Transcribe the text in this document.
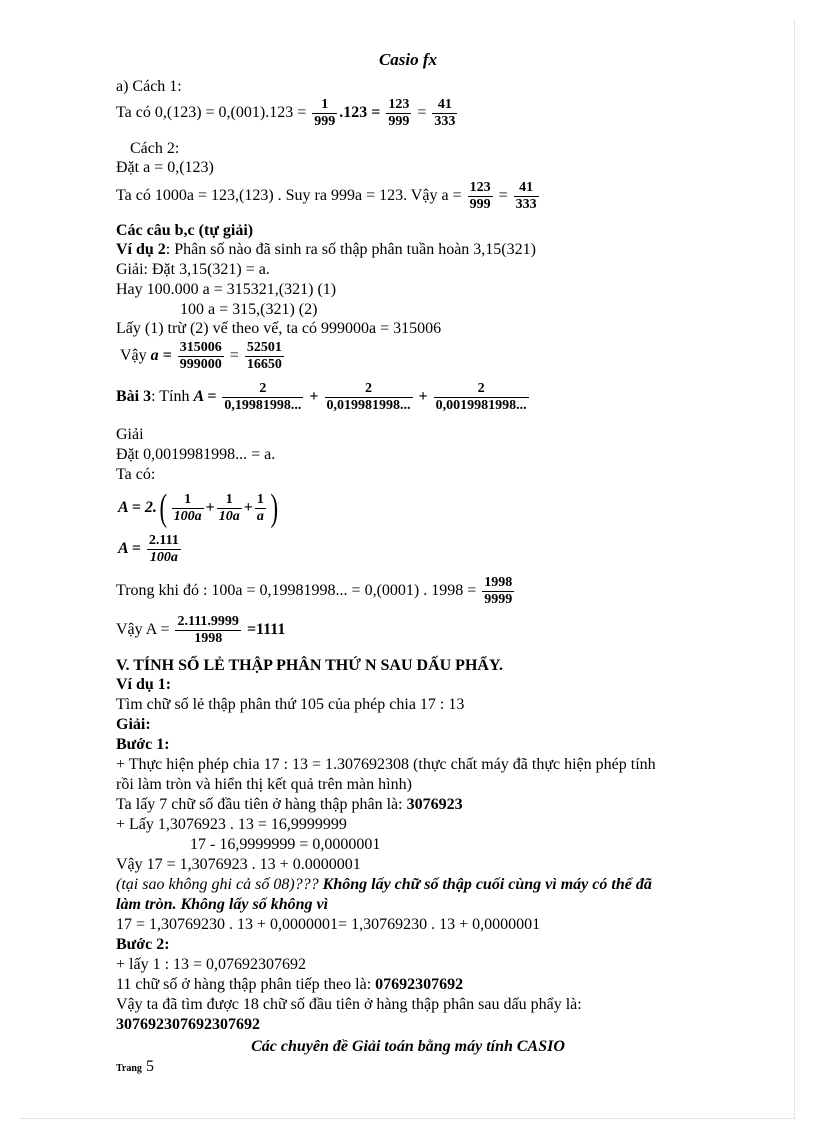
Casio fx
a) Cách 1:
Ta có $0,(123) = 0,(001).123 = \frac{1}{999} .123 = \frac{123}{999} = \frac{41}{333}$
Cách 2:
Đặt a = 0,(123)
Ta có 1000a = 123,(123) . Suy ra 999a = 123. Vậy $a = \frac{123}{999} = \frac{41}{333}$
Các câu b,c (tự giải)
Ví dụ 2: Phân số nào đã sinh ra số thập phân tuần hoàn 3,15(321)
Giải: Đặt 3,15(321) = a.
Hay 100.000 a = 315321,(321) (1)
100 a = 315,(321) (2)
Lấy (1) trừ (2) vế theo vế, ta có 999000a = 315006
Vậy $a = \frac{315006}{999000} = \frac{52501}{16650}$
Bài 3: Tính $A = \frac{2}{0,19981998...} + \frac{2}{0,019981998...} + \frac{2}{0,0019981998...}$
Giải
Đặt 0,0019981998... = a.
Ta có:
$A = 2.( \frac{1}{100a} + \frac{1}{10a} + \frac{1}{a}$ )
$A = \frac{2.111}{100a}$
Trong khi đó : 100a = 0,19981998... = 0,(0001) . $1998 = \frac{1998}{9999}$
Vậy $A = \frac{2.111.9999}{1998} =1111$
V. TÍNH SỐ LẺ THẬP PHÂN THỨ N SAU DẤU PHẨY.
Ví dụ 1:
Tìm chữ số lẻ thập phân thứ 105 của phép chia 17 : 13
Giải:
Bước 1:
+ Thực hiện phép chia 17 : 13 = 1.307692308 (thực chất máy đã thực hiện phép tính
rồi làm tròn và hiển thị kết quả trên màn hình)
Ta lấy 7 chữ số đầu tiên ở hàng thập phân là: 3076923
+ Lấy 1,3076923 . 13 = 16,9999999
17 - 16,9999999 = 0,0000001
Vậy 17 = 1,3076923 . 13 + 0.0000001
(tại sao không ghi cả số 08)??? Không lấy chữ số thập cuối cùng vì máy có thể đã
làm tròn. Không lấy số không vì
17 = 1,30769230 . 13 + 0,0000001= 1,30769230 . 13 + 0,0000001
Bước 2:
+ lấy 1 : 13 = 0,07692307692
11 chữ số ở hàng thập phân tiếp theo là: 07692307692
Vậy ta đã tìm được 18 chữ số đầu tiên ở hàng thập phân sau dấu phẩy là:
307692307692307692
Các chuyên đề Giải toán bằng máy tính CASIO
Trang 5
